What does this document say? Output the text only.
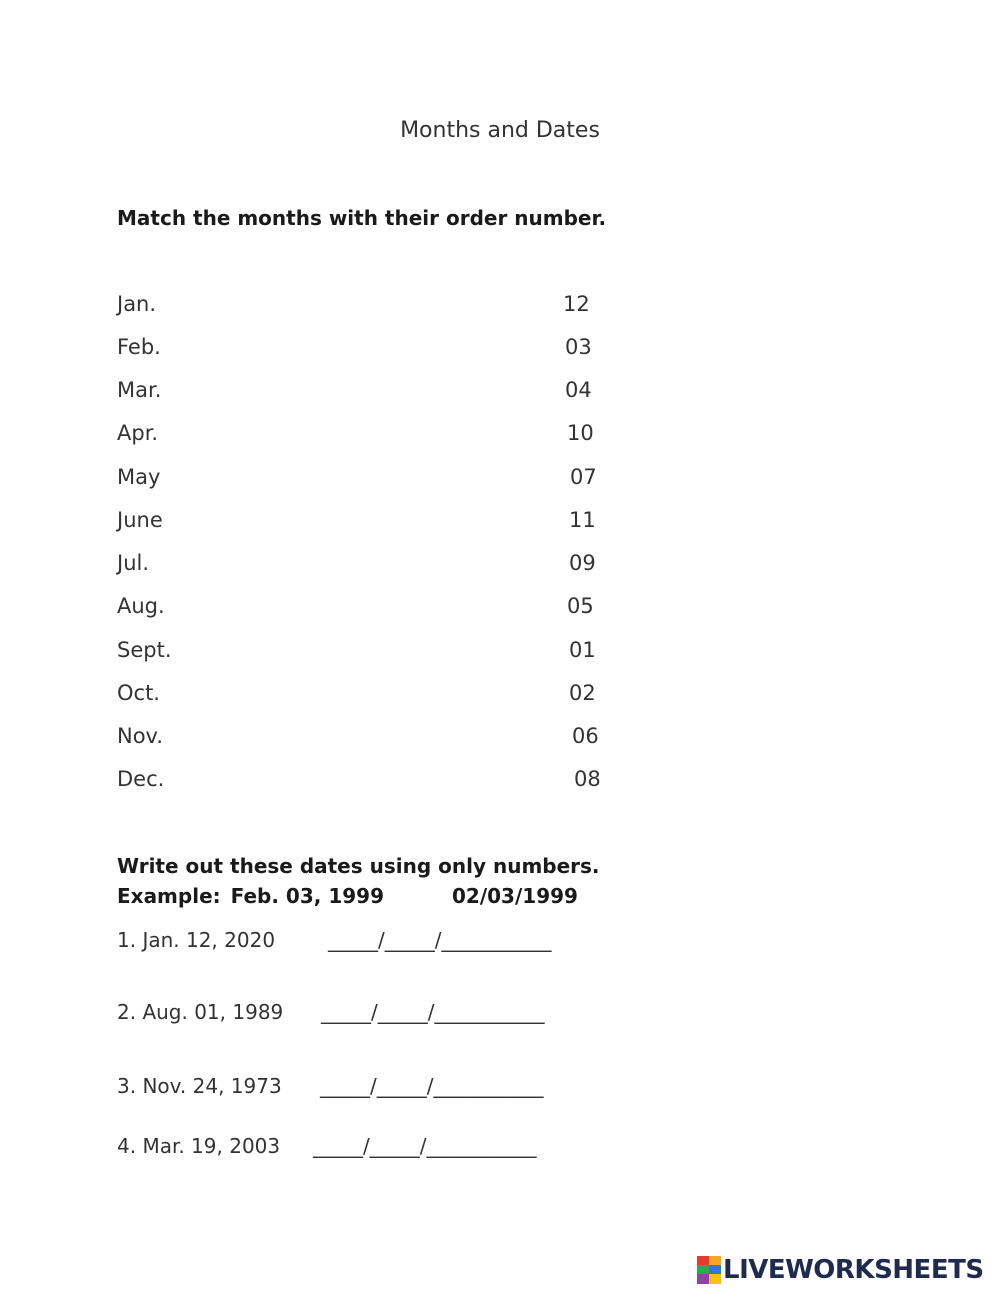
Months and Dates
Match the months with their order number.
Jan.
Feb.
Mar.
Apr.
May
June
Jul.
Aug.
Sept.
Oct.
Nov.
Dec.
12
03
04
10
07
11
09
05
01
02
06
08
Write out these dates using only numbers.
Example: Feb. 03, 1999	02/03/1999
1. Jan. 12, 2020	_____/_____/___________
2. Aug. 01, 1989 _____/_____/___________
3. Nov. 24, 1973 _____/_____/___________
4. Mar. 19, 2003 _____/_____/___________
LIVEWORKSHEETS
